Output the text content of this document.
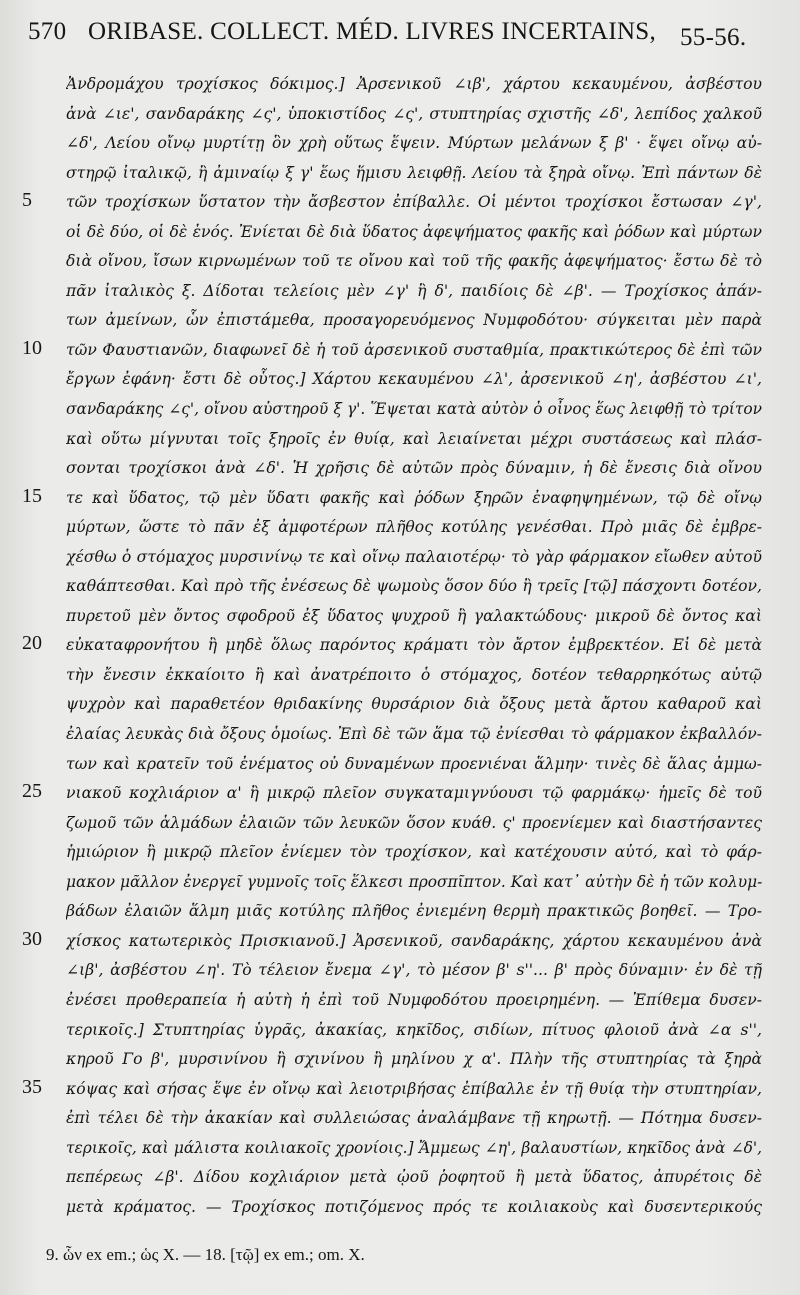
570 ORIBASE. COLLECT. MÉD. LIVRES INCERTAINS, 55-56.
Ἀνδρομάχου τροχίσκος δόκιμος.] Ἀρσενικοῦ ∠ιβ', χάρτου κεκαυμένου, ἀσβέστου
ἀνὰ ∠ιε', σανδαράκης ∠ς', ὑποκιστίδος ∠ς', στυπτηρίας σχιστῆς ∠δ', λεπίδος χαλκοῦ
∠δ', Λείου οἴνῳ μυρτίτῃ ὃν χρὴ οὕτως ἕψειν. Μύρτων μελάνων ξ β' · ἕψει οἴνῳ αὐ-
στηρῷ ἰταλικῷ, ἢ ἀμιναίῳ ξ γ' ἕως ἥμισυ λειφθῇ. Λείου τὰ ξηρὰ οἴνῳ. Ἐπὶ πάντων δὲ
5	τῶν τροχίσκων ὕστατον τὴν ἄσβεστον ἐπίβαλλε. Οἱ μέντοι τροχίσκοι ἔστωσαν ∠γ',
οἱ δὲ δύο, οἱ δὲ ἑνός. Ἐνίεται δὲ διὰ ὕδατος ἀφεψήματος φακῆς καὶ ῥόδων καὶ μύρτων
διὰ οἴνου, ἴσων κιρνωμένων τοῦ τε οἴνου καὶ τοῦ τῆς φακῆς ἀφεψήματος· ἔστω δὲ τὸ
πᾶν ἰταλικὸς ξ. Δίδοται τελείοις μὲν ∠γ' ἢ δ', παιδίοις δὲ ∠β'. — Τροχίσκος ἀπάν-
των ἀμείνων, ὧν ἐπιστάμεθα, προσαγορευόμενος Νυμφοδότου· σύγκειται μὲν παρὰ
10	τῶν Φαυστιανῶν, διαφωνεῖ δὲ ἡ τοῦ ἀρσενικοῦ συσταθμία, πρακτικώτερος δὲ ἐπὶ τῶν
ἔργων ἐφάνη· ἔστι δὲ οὗτος.] Χάρτου κεκαυμένου ∠λ', ἀρσενικοῦ ∠η', ἀσβέστου ∠ι',
σανδαράκης ∠ς', οἴνου αὐστηροῦ ξ γ'. Ἕψεται κατὰ αὐτὸν ὁ οἶνος ἕως λειφθῇ τὸ τρίτον
καὶ οὕτω μίγνυται τοῖς ξηροῖς ἐν θυίᾳ, καὶ λειαίνεται μέχρι συστάσεως καὶ πλάσ-
σονται τροχίσκοι ἀνὰ ∠δ'. Ἡ χρῆσις δὲ αὐτῶν πρὸς δύναμιν, ἡ δὲ ἔνεσις διὰ οἴνου
15	τε καὶ ὕδατος, τῷ μὲν ὕδατι φακῆς καὶ ῥόδων ξηρῶν ἐναφηψημένων, τῷ δὲ οἴνῳ
μύρτων, ὥστε τὸ πᾶν ἐξ ἀμφοτέρων πλῆθος κοτύλης γενέσθαι. Πρὸ μιᾶς δὲ ἐμβρε-
χέσθω ὁ στόμαχος μυρσινίνῳ τε καὶ οἴνῳ παλαιοτέρῳ· τὸ γὰρ φάρμακον εἴωθεν αὐτοῦ
καθάπτεσθαι. Καὶ πρὸ τῆς ἐνέσεως δὲ ψωμοὺς ὅσον δύο ἢ τρεῖς [τῷ] πάσχοντι δοτέον,
πυρετοῦ μὲν ὄντος σφοδροῦ ἐξ ὕδατος ψυχροῦ ἢ γαλακτώδους· μικροῦ δὲ ὄντος καὶ
20	εὐκαταφρονήτου ἢ μηδὲ ὅλως παρόντος κράματι τὸν ἄρτον ἐμβρεκτέον. Εἰ δὲ μετὰ
τὴν ἔνεσιν ἐκκαίοιτο ἢ καὶ ἀνατρέποιτο ὁ στόμαχος, δοτέον τεθαρρηκότως αὐτῷ
ψυχρὸν καὶ παραθετέον θριδακίνης θυρσάριον διὰ ὄξους μετὰ ἄρτου καθαροῦ καὶ
ἐλαίας λευκὰς διὰ ὄξους ὁμοίως. Ἐπὶ δὲ τῶν ἅμα τῷ ἐνίεσθαι τὸ φάρμακον ἐκβαλλόν-
των καὶ κρατεῖν τοῦ ἐνέματος οὐ δυναμένων προενιέναι ἅλμην· τινὲς δὲ ἅλας ἀμμω-
25	νιακοῦ κοχλιάριον α' ἢ μικρῷ πλεῖον συγκαταμιγνύουσι τῷ φαρμάκῳ· ἡμεῖς δὲ τοῦ
ζωμοῦ τῶν ἁλμάδων ἐλαιῶν τῶν λευκῶν ὅσον κυάθ. ς' προενίεμεν καὶ διαστήσαντες
ἡμιώριον ἢ μικρῷ πλεῖον ἐνίεμεν τὸν τροχίσκον, καὶ κατέχουσιν αὐτό, καὶ τὸ φάρ-
μακον μᾶλλον ἐνεργεῖ γυμνοῖς τοῖς ἕλκεσι προσπῖπτον. Καὶ κατ᾽ αὐτὴν δὲ ἡ τῶν κολυμ-
βάδων ἐλαιῶν ἅλμη μιᾶς κοτύλης πλῆθος ἐνιεμένη θερμὴ πρακτικῶς βοηθεῖ. — Τρο-
30	χίσκος κατωτερικὸς Πρισκιανοῦ.] Ἀρσενικοῦ, σανδαράκης, χάρτου κεκαυμένου ἀνὰ
∠ιβ', ἀσβέστου ∠η'. Τὸ τέλειον ἔνεμα ∠γ', τὸ μέσον β' s''... β' πρὸς δύναμιν· ἐν δὲ τῇ
ἐνέσει προθεραπεία ἡ αὐτὴ ἡ ἐπὶ τοῦ Νυμφοδότου προειρημένη. — Ἐπίθεμα δυσεν-
τερικοῖς.] Στυπτηρίας ὑγρᾶς, ἀκακίας, κηκῖδος, σιδίων, πίτυος φλοιοῦ ἀνὰ ∠α s'',
κηροῦ Γο β', μυρσινίνου ἢ σχινίνου ἢ μηλίνου χ α'. Πλὴν τῆς στυπτηρίας τὰ ξηρὰ
35	κόψας καὶ σήσας ἕψε ἐν οἴνῳ καὶ λειοτριβήσας ἐπίβαλλε ἐν τῇ θυίᾳ τὴν στυπτηρίαν,
ἐπὶ τέλει δὲ τὴν ἀκακίαν καὶ συλλειώσας ἀναλάμβανε τῇ κηρωτῇ. — Πότημα δυσεν-
τερικοῖς, καὶ μάλιστα κοιλιακοῖς χρονίοις.] Ἄμμεως ∠η', βαλαυστίων, κηκῖδος ἀνὰ ∠δ',
πεπέρεως ∠β'. Δίδου κοχλιάριον μετὰ ᾠοῦ ῥοφητοῦ ἢ μετὰ ὕδατος, ἀπυρέτοις δὲ
μετὰ κράματος. — Τροχίσκος ποτιζόμενος πρός τε κοιλιακοὺς καὶ δυσεντερικούς
9. ὧν ex em.; ὡς X. — 18. [τῷ] ex em.; om. X.
